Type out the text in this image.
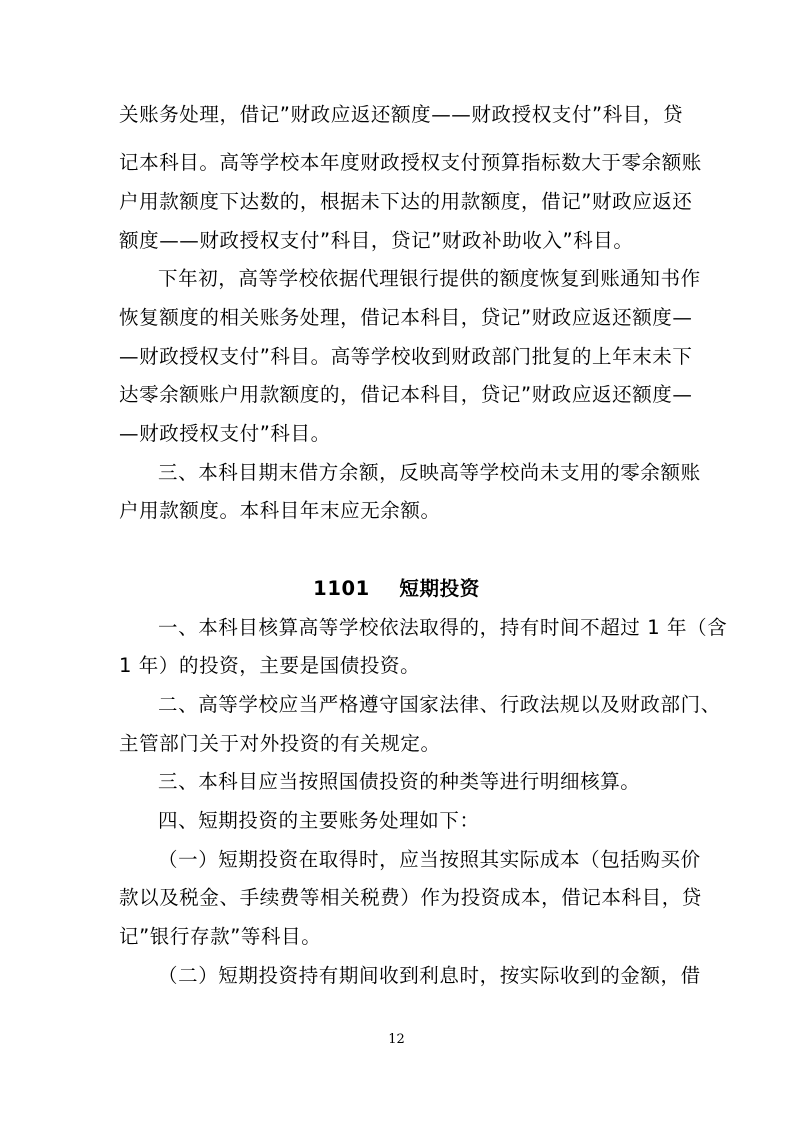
关账务处理，借记”财政应返还额度——财政授权支付”科目，贷
记本科目。高等学校本年度财政授权支付预算指标数大于零余额账
户用款额度下达数的，根据未下达的用款额度，借记”财政应返还
额度——财政授权支付”科目，贷记”财政补助收入”科目。
下年初，高等学校依据代理银行提供的额度恢复到账通知书作
恢复额度的相关账务处理，借记本科目，贷记”财政应返还额度—
—财政授权支付”科目。高等学校收到财政部门批复的上年末未下
达零余额账户用款额度的，借记本科目，贷记”财政应返还额度—
—财政授权支付”科目。
三、本科目期末借方余额，反映高等学校尚未支用的零余额账
户用款额度。本科目年末应无余额。
1101    短期投资
一、本科目核算高等学校依法取得的，持有时间不超过 1 年（含
1 年）的投资，主要是国债投资。
二、高等学校应当严格遵守国家法律、行政法规以及财政部门、
主管部门关于对外投资的有关规定。
三、本科目应当按照国债投资的种类等进行明细核算。
四、短期投资的主要账务处理如下：
（一）短期投资在取得时，应当按照其实际成本（包括购买价
款以及税金、手续费等相关税费）作为投资成本，借记本科目，贷
记”银行存款”等科目。
（二）短期投资持有期间收到利息时，按实际收到的金额，借
12
